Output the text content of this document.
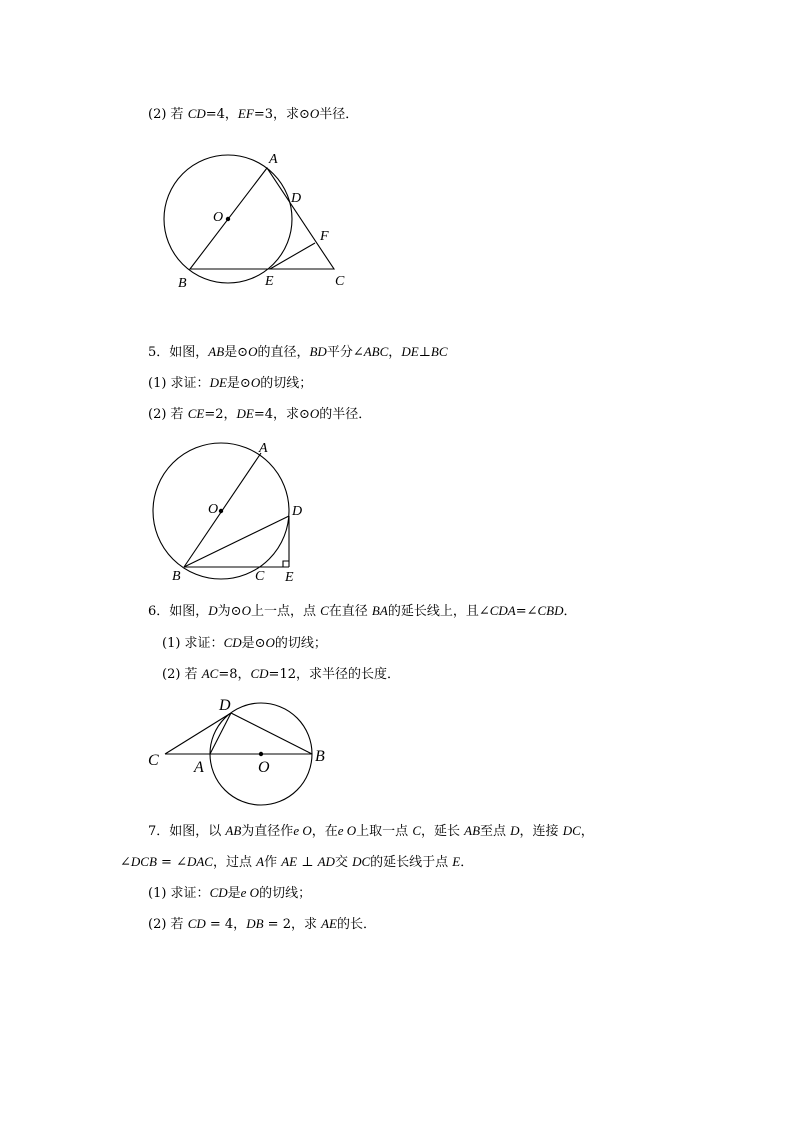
(2) 若 CD=4，EF=3，求⊙O半径．
A
D
O
F
B	E	C
5．如图，AB是⊙O的直径，BD平分∠ABC，DE⊥BC
(1) 求证：DE是⊙O的切线；
(2) 若 CE=2，DE=4，求⊙O的半径．
A
O	D
B	C E
6．如图，D为⊙O上一点，点 C在直径 BA的延长线上，且∠CDA=∠CBD．
(1) 求证：CD是⊙O的切线；
(2) 若 AC=8，CD=12，求半径的长度．
D
C A	O
B
7．如图，以 AB为直径作e O，在e O上取一点 C，延长 AB至点 D，连接 DC，
∠DCB = ∠DAC，过点 A作 AE ⊥ AD交 DC的延长线于点 E．
(1) 求证：CD是e O的切线；
(2) 若 CD = 4，DB = 2，求 AE的长．
